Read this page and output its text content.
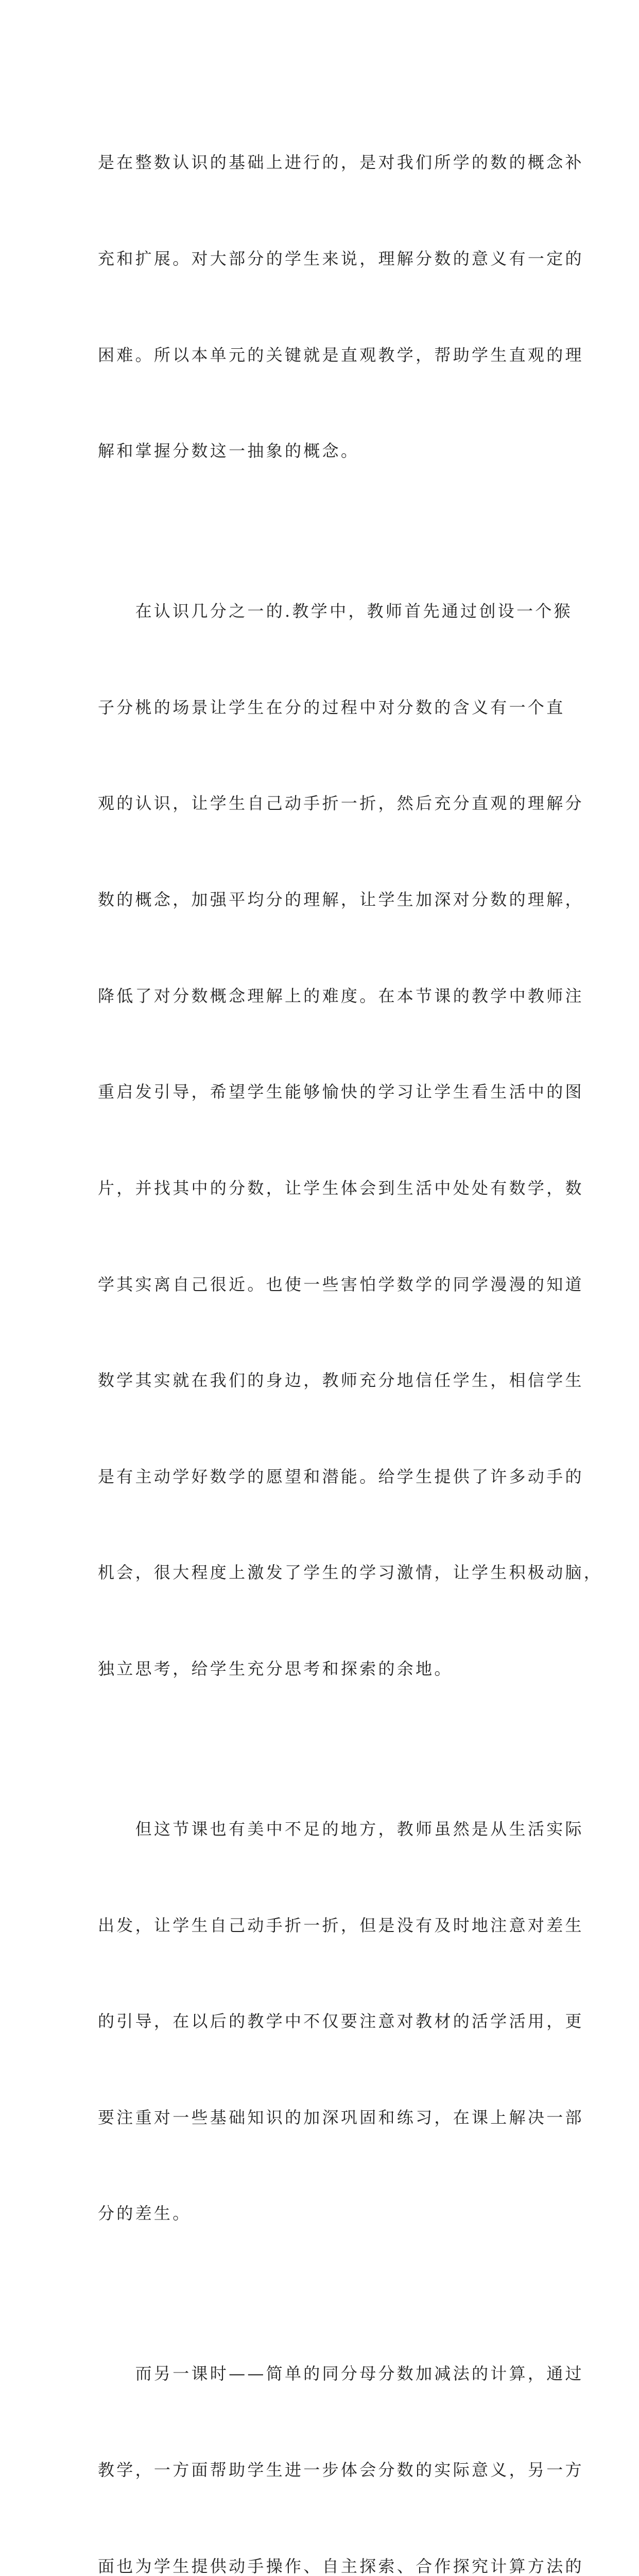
是在整数认识的基础上进行的，是对我们所学的数的概念补

充和扩展。对大部分的学生来说，理解分数的意义有一定的

困难。所以本单元的关键就是直观教学，帮助学生直观的理

解和掌握分数这一抽象的概念。

　　在认识几分之一的.教学中，教师首先通过创设一个猴

子分桃的场景让学生在分的过程中对分数的含义有一个直

观的认识，让学生自己动手折一折，然后充分直观的理解分

数的概念，加强平均分的理解，让学生加深对分数的理解，

降低了对分数概念理解上的难度。在本节课的教学中教师注

重启发引导，希望学生能够愉快的学习让学生看生活中的图

片，并找其中的分数，让学生体会到生活中处处有数学，数

学其实离自己很近。也使一些害怕学数学的同学漫漫的知道

数学其实就在我们的身边，教师充分地信任学生，相信学生

是有主动学好数学的愿望和潜能。给学生提供了许多动手的

机会，很大程度上激发了学生的学习激情，让学生积极动脑，

独立思考，给学生充分思考和探索的余地。

　　但这节课也有美中不足的地方，教师虽然是从生活实际

出发，让学生自己动手折一折，但是没有及时地注意对差生

的引导，在以后的教学中不仅要注意对教材的活学活用，更

要注重对一些基础知识的加深巩固和练习，在课上解决一部

分的差生。

　　而另一课时——简单的同分母分数加减法的计算，通过

教学，一方面帮助学生进一步体会分数的实际意义，另一方

面也为学生提供动手操作、自主探索、合作探究计算方法的
